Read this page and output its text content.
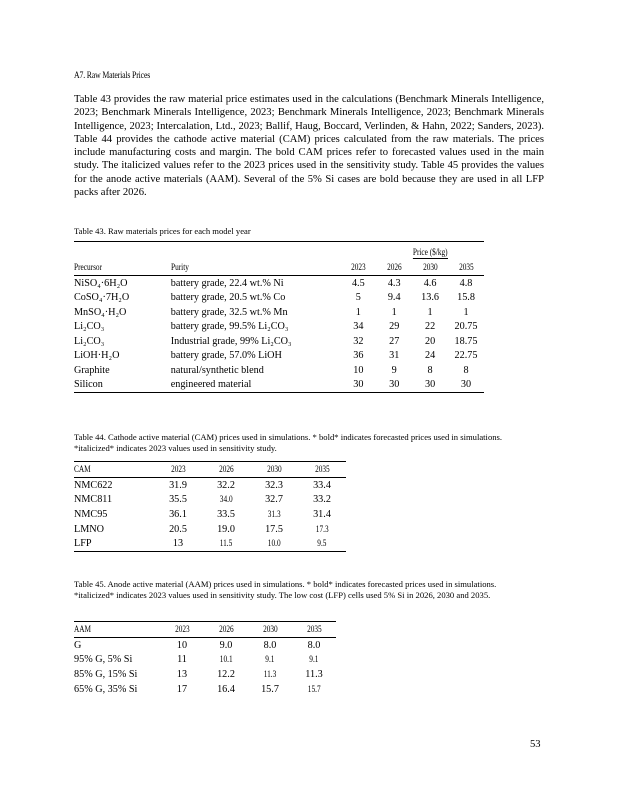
A7. Raw Materials Prices

Table 43 provides the raw material price estimates used in the calculations (Benchmark Minerals Intelligence, 2023; Benchmark Minerals Intelligence, 2023; Benchmark Minerals Intelligence, 2023; Benchmark Minerals Intelligence, 2023; Intercalation, Ltd., 2023; Ballif, Haug, Boccard, Verlinden, & Hahn, 2022; Sanders, 2023). Table 44 provides the cathode active material (CAM) prices calculated from the raw materials. The prices include manufacturing costs and margin. The bold CAM prices refer to forecasted values used in the main study. The italicized values refer to the 2023 prices used in the sensitivity study. Table 45 provides the values for the anode active materials (AAM). Several of the 5% Si cases are bold because they are used in all LFP packs after 2026.

Table 43. Raw materials prices for each model year

			Price ($/kg)		
Precursor	Purity	2023	2026	2030	2035
NiSO₄·6H₂O	battery grade, 22.4 wt.% Ni	4.5	4.3	4.6	4.8
CoSO₄·7H₂O	battery grade, 20.5 wt.% Co	5	9.4	13.6	15.8
MnSO₄·H₂O	battery grade, 32.5 wt.% Mn	1	1	1	1
Li₂CO₃	battery grade, 99.5% Li₂CO₃	34	29	22	20.75
Li₂CO₃	Industrial grade, 99% Li₂CO₃	32	27	20	18.75
LiOH·H₂O	battery grade, 57.0% LiOH	36	31	24	22.75
Graphite	natural/synthetic blend	10	9	8	8
Silicon	engineered material	30	30	30	30

Table 44. Cathode active material (CAM) prices used in simulations. * bold* indicates forecasted prices used in simulations. *italicized* indicates 2023 values used in sensitivity study.

CAM	2023	2026	2030	2035
NMC622	31.9	32.2	32.3	33.4
NMC811	35.5	34.0	32.7	33.2
NMC95	36.1	33.5	31.3	31.4
LMNO	20.5	19.0	17.5	17.3
LFP	13	11.5	10.0	9.5

Table 45. Anode active material (AAM) prices used in simulations. * bold* indicates forecasted prices used in simulations. *italicized* indicates 2023 values used in sensitivity study. The low cost (LFP) cells used 5% Si in 2026, 2030 and 2035.

AAM	2023	2026	2030	2035
G	10	9.0	8.0	8.0
95% G, 5% Si	11	10.1	9.1	9.1
85% G, 15% Si	13	12.2	11.3	11.3
65% G, 35% Si	17	16.4	15.7	15.7
53
